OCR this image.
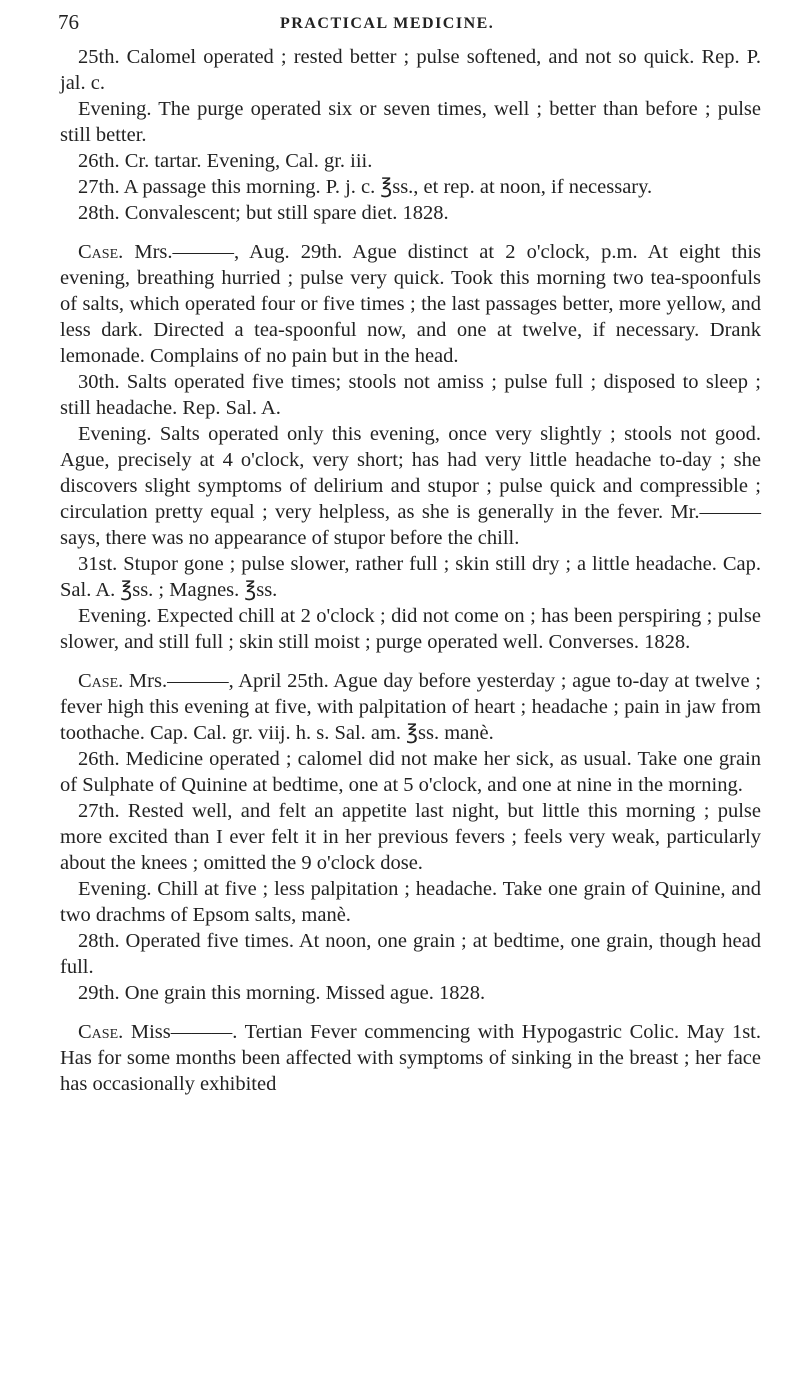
76	PRACTICAL MEDICINE.

25th. Calomel operated ; rested better ; pulse softened, and not so quick. Rep. P. jal. c.

Evening. The purge operated six or seven times, well ; better than before ; pulse still better.

26th. Cr. tartar. Evening, Cal. gr. iii.

27th. A passage this morning. P. j. c. ℥ss., et rep. at noon, if necessary.

28th. Convalescent; but still spare diet. 1828.

Case. Mrs.———, Aug. 29th. Ague distinct at 2 o'clock, p.m. At eight this evening, breathing hurried ; pulse very quick. Took this morning two tea-spoonfuls of salts, which operated four or five times ; the last passages better, more yellow, and less dark. Directed a tea-spoonful now, and one at twelve, if necessary. Drank lemonade. Complains of no pain but in the head.

30th. Salts operated five times; stools not amiss ; pulse full ; disposed to sleep ; still headache. Rep. Sal. A.

Evening. Salts operated only this evening, once very slightly ; stools not good. Ague, precisely at 4 o'clock, very short; has had very little headache to-day ; she discovers slight symptoms of delirium and stupor ; pulse quick and compressible ; circulation pretty equal ; very helpless, as she is generally in the fever. Mr.——— says, there was no appearance of stupor before the chill.

31st. Stupor gone ; pulse slower, rather full ; skin still dry ; a little headache. Cap. Sal. A. ℥ss. ; Magnes. ℥ss.

Evening. Expected chill at 2 o'clock ; did not come on ; has been perspiring ; pulse slower, and still full ; skin still moist ; purge operated well. Converses. 1828.

Case. Mrs.———, April 25th. Ague day before yesterday ; ague to-day at twelve ; fever high this evening at five, with palpitation of heart ; headache ; pain in jaw from toothache. Cap. Cal. gr. viij. h. s. Sal. am. ℥ss. manè.

26th. Medicine operated ; calomel did not make her sick, as usual. Take one grain of Sulphate of Quinine at bedtime, one at 5 o'clock, and one at nine in the morning.

27th. Rested well, and felt an appetite last night, but little this morning ; pulse more excited than I ever felt it in her previous fevers ; feels very weak, particularly about the knees ; omitted the 9 o'clock dose.

Evening. Chill at five ; less palpitation ; headache. Take one grain of Quinine, and two drachms of Epsom salts, manè.

28th. Operated five times. At noon, one grain ; at bedtime, one grain, though head full.

29th. One grain this morning. Missed ague. 1828.

Case. Miss———. Tertian Fever commencing with Hypogastric Colic. May 1st. Has for some months been affected with symptoms of sinking in the breast ; her face has occasionally exhibited
